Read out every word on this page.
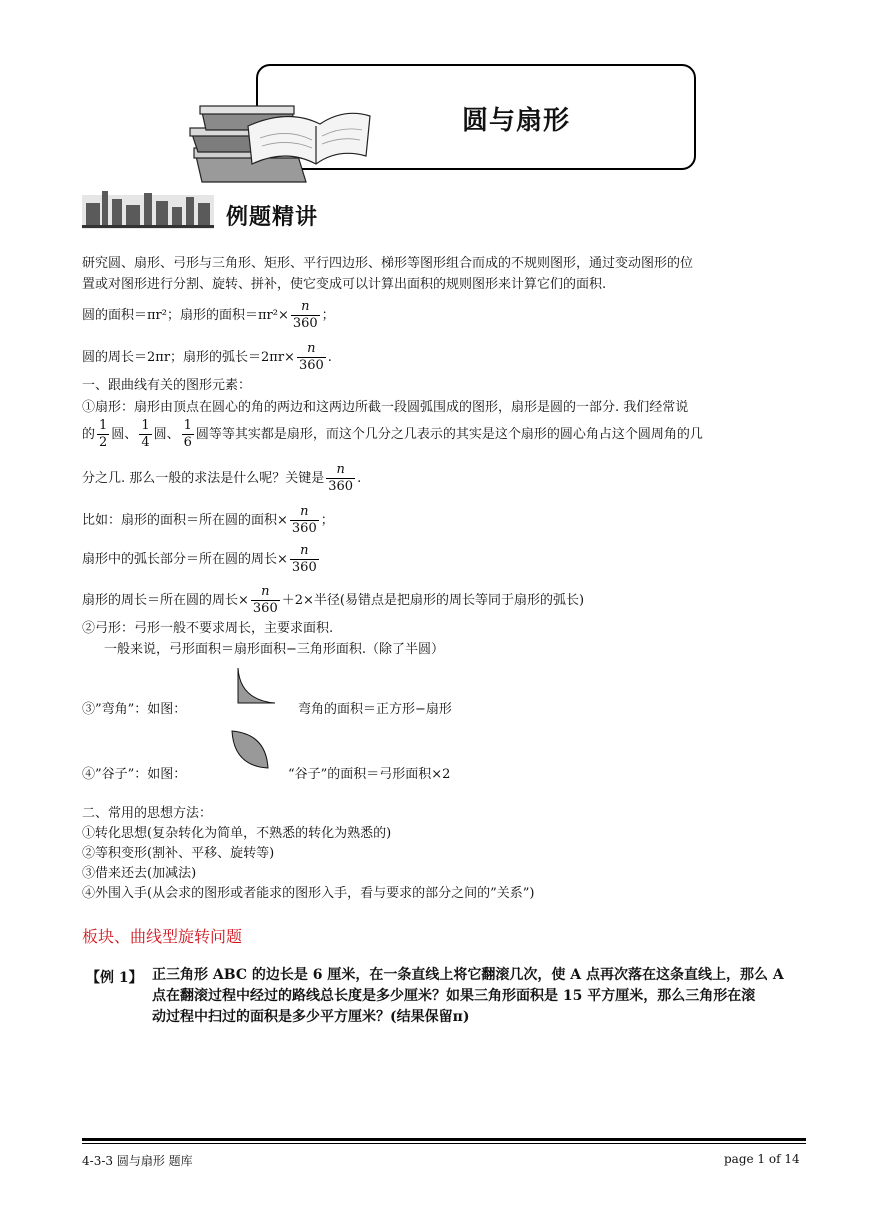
圆与扇形
例题精讲
研究圆、扇形、弓形与三角形、矩形、平行四边形、梯形等图形组合而成的不规则图形，通过变动图形的位
置或对图形进行分割、旋转、拼补，使它变成可以计算出面积的规则图形来计算它们的面积.
圆的面积＝πr²；扇形的面积$=\pi r^2\times \frac{n}{360}$ ；
圆的周长＝2πr；扇形的弧长$=2\pi r\times \frac{n}{360}$ .
一、跟曲线有关的图形元素：
①扇形：扇形由顶点在圆心的角的两边和这两边所截一段圆弧围成的图形，扇形是圆的一部分. 我们经常说
的 $\frac{1}{2}$ 圆、 $\frac{1}{4}$ 圆、 $\frac{1}{6}$ 圆等等其实都是扇形，而这个几分之几表示的其实是这个扇形的圆心角占这个圆周角的几
分之几. 那么一般的求法是什么呢？关键是 $\frac{n}{360}$ .
比如：扇形的面积＝所在圆的面积× $\frac{n}{360}$ ；
扇形中的弧长部分＝所在圆的周长× $\frac{n}{360}$
扇形的周长＝所在圆的周长× $\frac{n}{360} +2\times$半径(易错点是把扇形的周长等同于扇形的弧长)
②弓形：弓形一般不要求周长，主要求面积.
一般来说，弓形面积＝扇形面积−三角形面积.（除了半圆）
③”弯角”：如图：	弯角的面积＝正方形−扇形
④”谷子”：如图：	“谷子”的面积＝弓形面积×2
二、常用的思想方法：
①转化思想(复杂转化为简单，不熟悉的转化为熟悉的)
②等积变形(割补、平移、旋转等)
③借来还去(加减法)
④外围入手(从会求的图形或者能求的图形入手，看与要求的部分之间的”关系”)
板块、曲线型旋转问题
【例 1】 正三角形 ABC 的边长是 6 厘米，在一条直线上将它翻滚几次，使 A 点再次落在这条直线上，那么 A
点在翻滚过程中经过的路线总长度是多少厘米？如果三角形面积是 15 平方厘米，那么三角形在滚
动过程中扫过的面积是多少平方厘米？(结果保留π)
4-3-3 圆与扇形 题库	page 1 of 14
